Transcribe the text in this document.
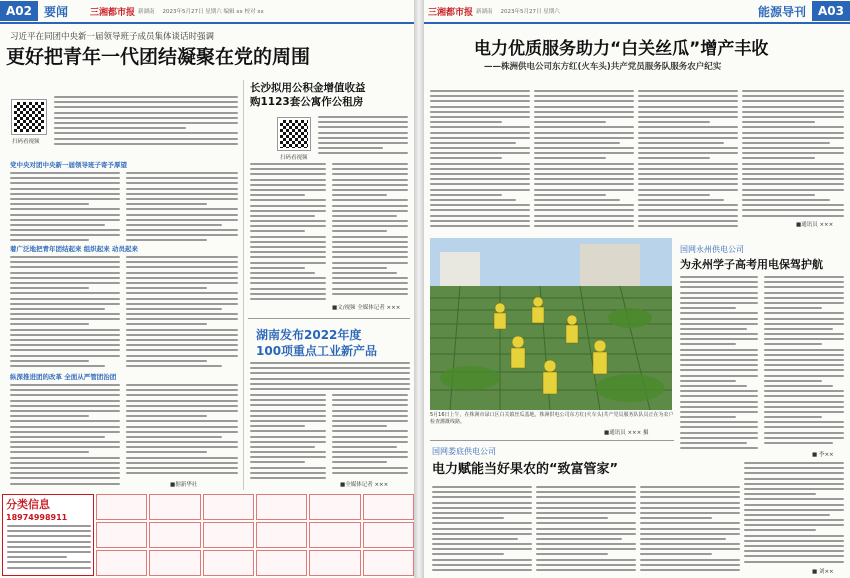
A02	要闻 三湘都市报 新湖南 2023年5月27日 星期六 编辑 xx 校对 xx
习近平在同团中央新一届领导班子成员集体谈话时强调
更好把青年一代团结凝聚在党的周围
扫码看视频
党中央对团中央新一届领导班子寄予厚望
着广泛地把青年团结起来 组织起来 动员起来
纵深推进团的改革 全面从严管团治团
■据新华社
长沙拟用公积金增值收益
购1123套公寓作公租房
扫码看视频
■文/视频 全媒体记者 ×××
湖南发布2022年度
100项重点工业新产品
■全媒体记者 ×××
分类信息
18974998911
三湘都市报 新湖南 2023年5月27日 星期六	能源导刊	A03
电力优质服务助力“白关丝瓜”增产丰收
——株洲供电公司东方红(火车头)共产党员服务队服务农户纪实
■通讯员 ×××
5月16日上午，在株洲市渌口区白关镇丝瓜基地，株洲供电公司东方红(火车头)共产党员服务队队员正在为农户检查灌溉线路。
■通讯员 ××× 摄
国网永州供电公司
为永州学子高考用电保驾护航
■ 李××
国网娄底供电公司
电力赋能当好果农的“致富管家”
■ 刘××
